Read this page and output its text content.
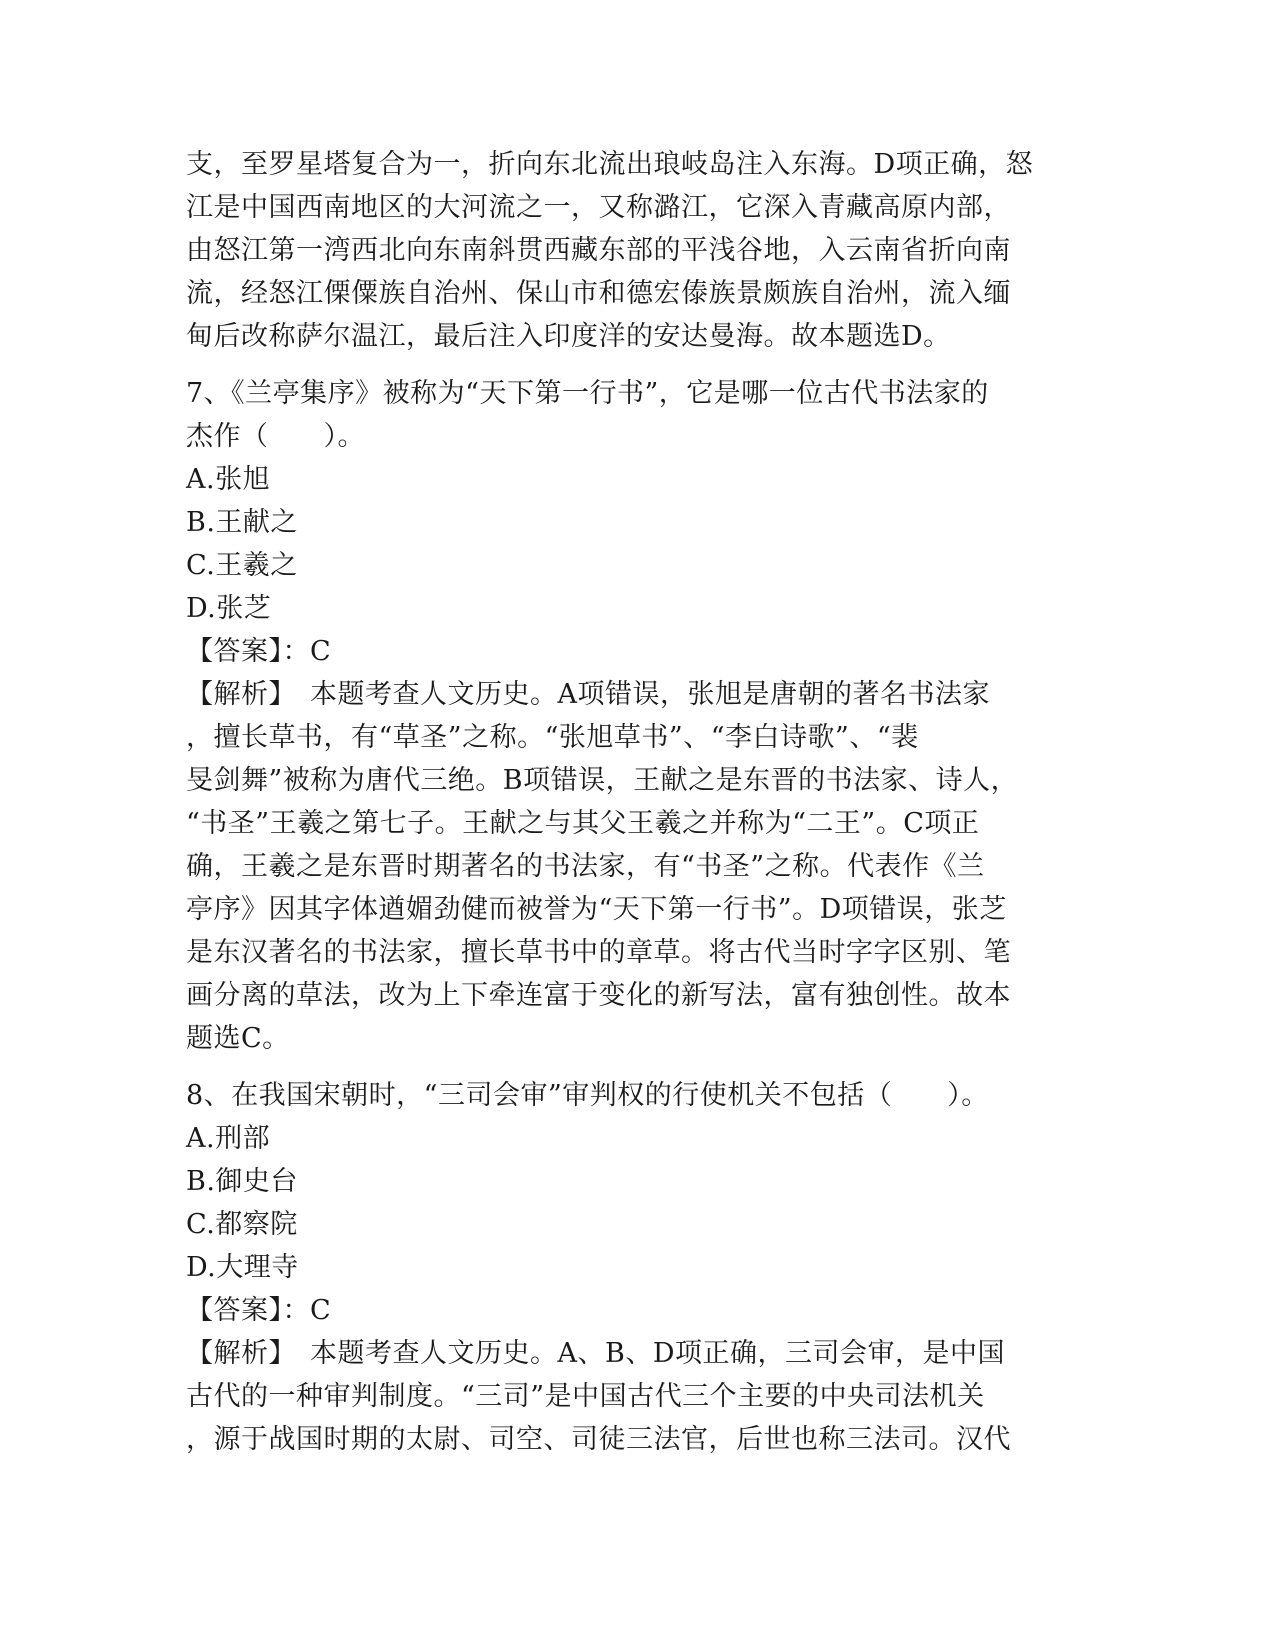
支，至罗星塔复合为一，折向东北流出琅岐岛注入东海。D项正确，怒
江是中国西南地区的大河流之一，又称潞江，它深入青藏高原内部，
由怒江第一湾西北向东南斜贯西藏东部的平浅谷地，入云南省折向南
流，经怒江傈僳族自治州、保山市和德宏傣族景颇族自治州，流入缅
甸后改称萨尔温江，最后注入印度洋的安达曼海。故本题选D。
7、《兰亭集序》被称为“天下第一行书”，它是哪一位古代书法家的
杰作（　　）。
A.张旭
B.王献之
C.王羲之
D.张芝
【答案】：C
【解析】　本题考查人文历史。A项错误，张旭是唐朝的著名书法家
，擅长草书，有“草圣”之称。“张旭草书”、“李白诗歌”、“裴
旻剑舞”被称为唐代三绝。B项错误，王献之是东晋的书法家、诗人，
“书圣”王羲之第七子。王献之与其父王羲之并称为“二王”。C项正
确，王羲之是东晋时期著名的书法家，有“书圣”之称。代表作《兰
亭序》因其字体遒媚劲健而被誉为“天下第一行书”。D项错误，张芝
是东汉著名的书法家，擅长草书中的章草。将古代当时字字区别、笔
画分离的草法，改为上下牵连富于变化的新写法，富有独创性。故本
题选C。
8、在我国宋朝时，“三司会审”审判权的行使机关不包括（　　）。
A.刑部
B.御史台
C.都察院
D.大理寺
【答案】：C
【解析】　本题考查人文历史。A、B、D项正确，三司会审，是中国
古代的一种审判制度。“三司”是中国古代三个主要的中央司法机关
，源于战国时期的太尉、司空、司徒三法官，后世也称三法司。汉代
